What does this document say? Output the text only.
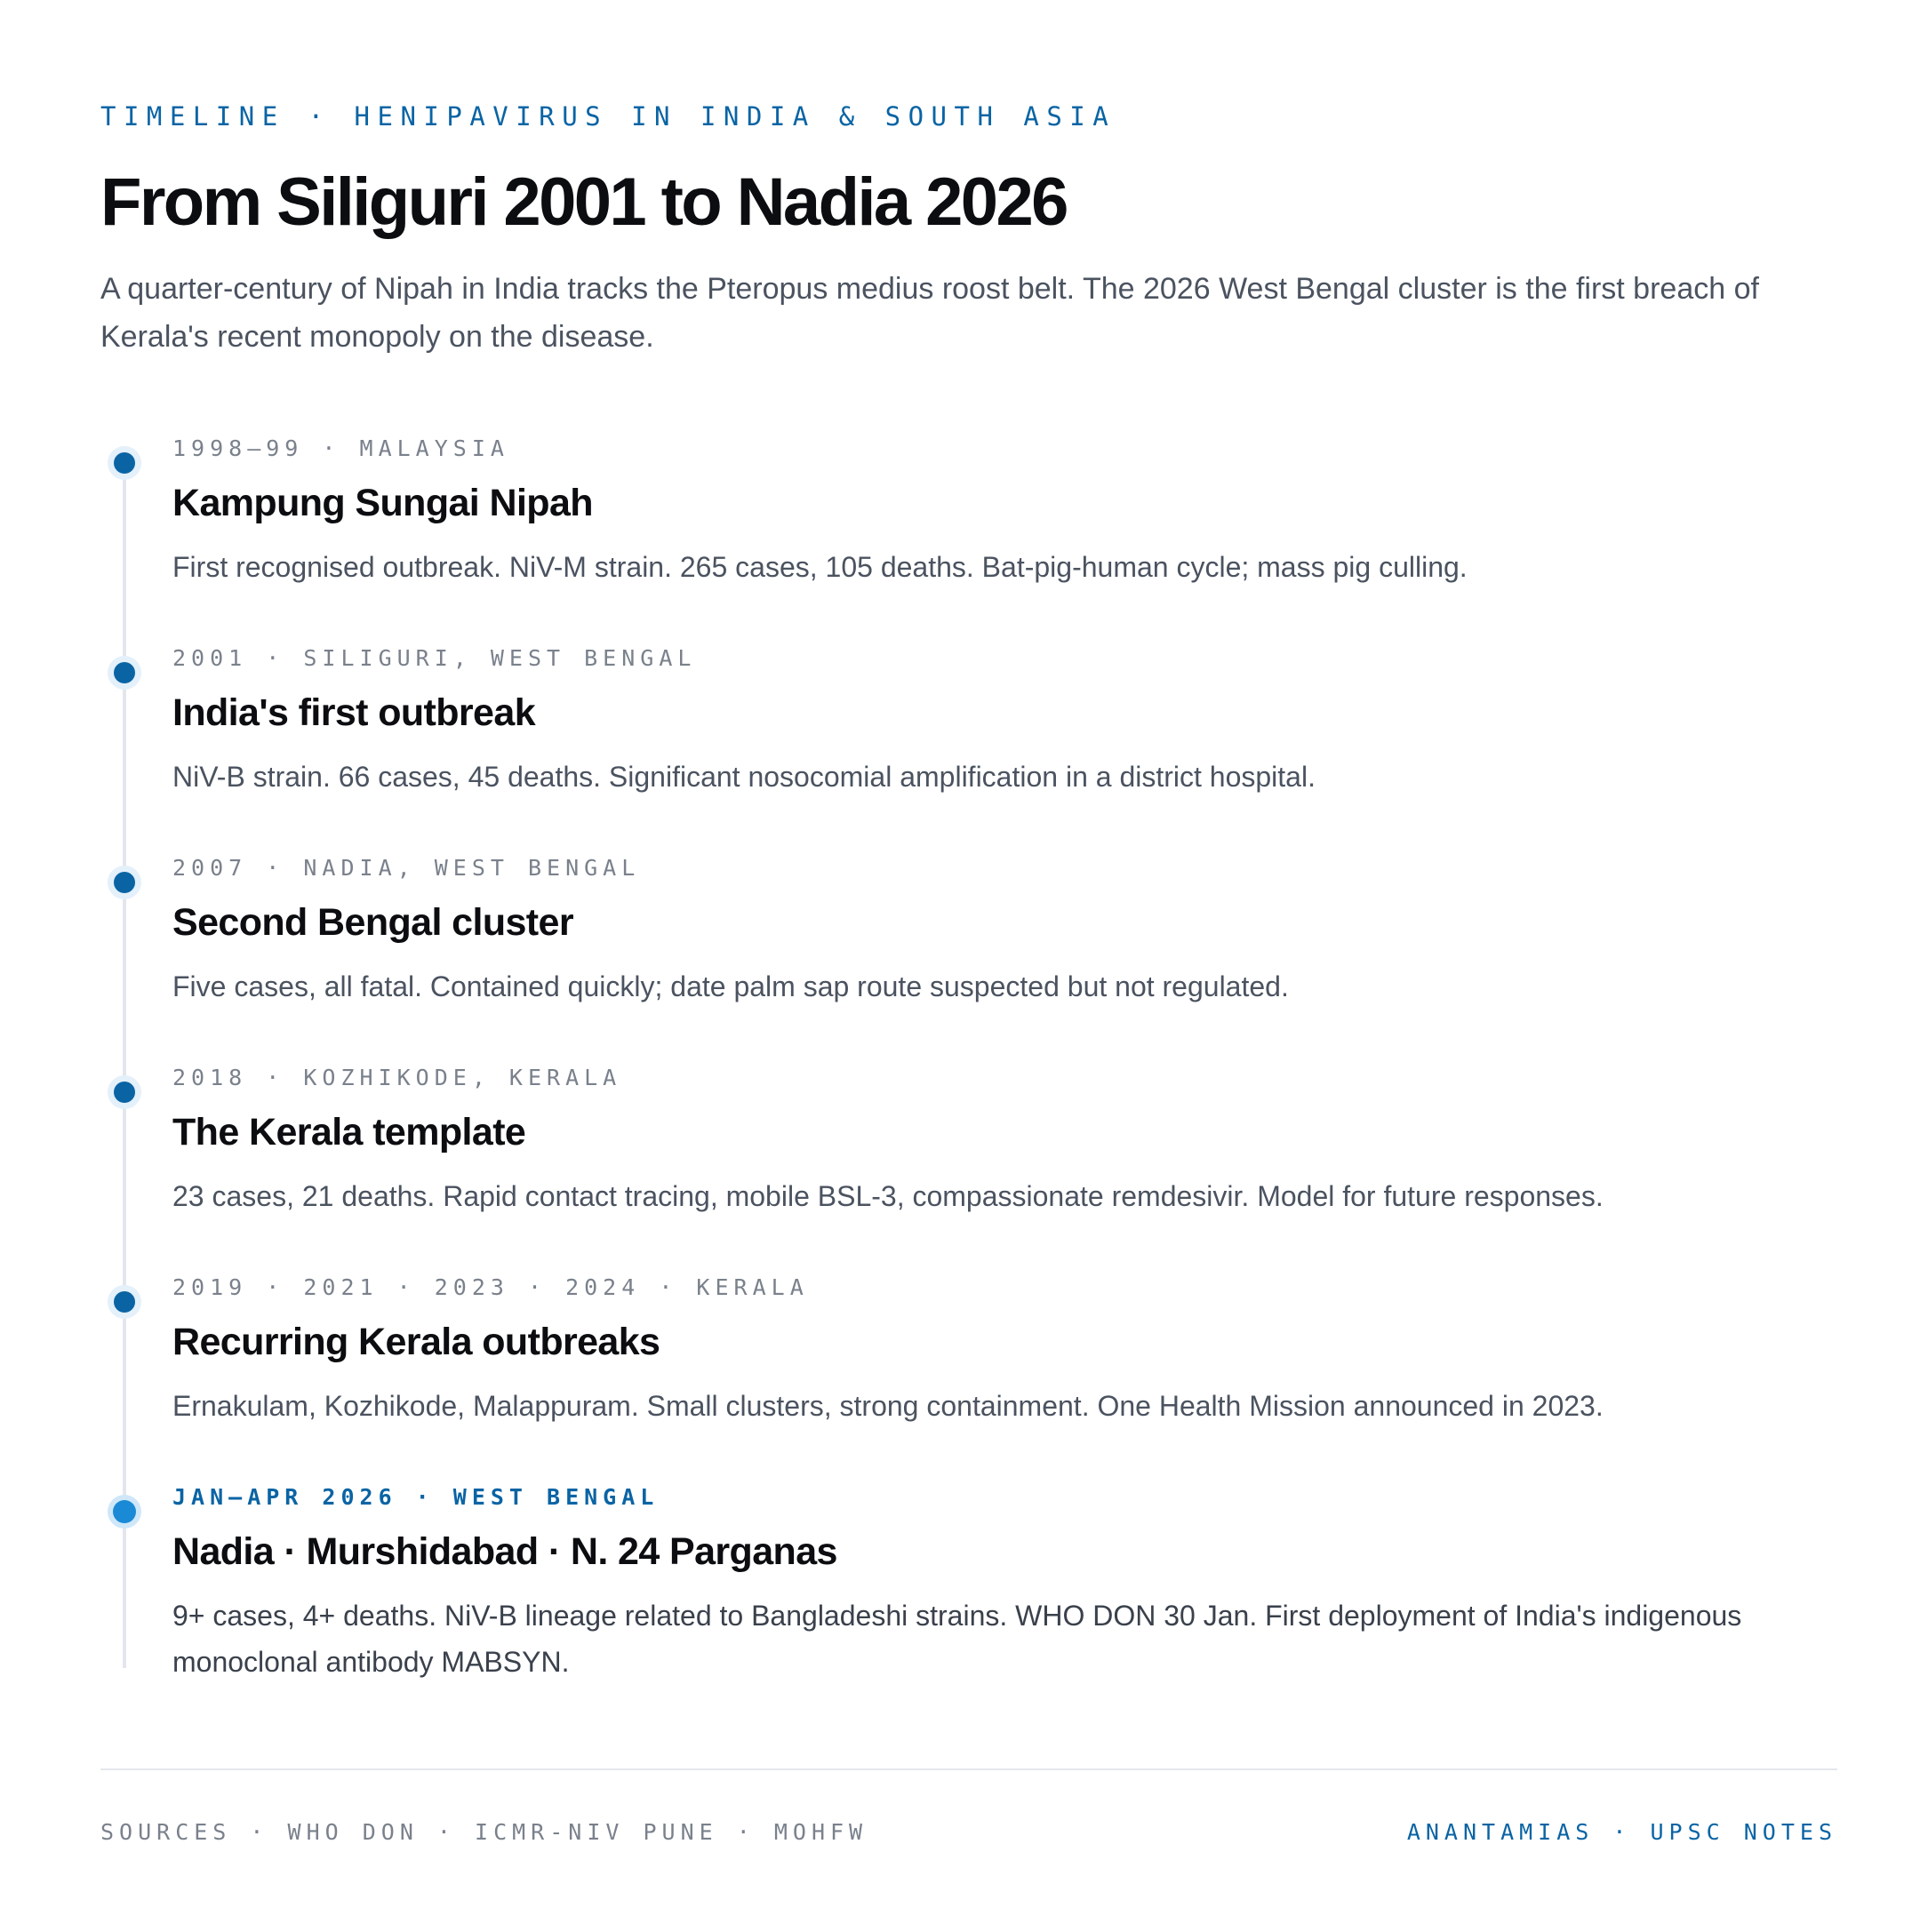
TIMELINE · HENIPAVIRUS IN INDIA & SOUTH ASIA
From Siliguri 2001 to Nadia 2026

A quarter-century of Nipah in India tracks the Pteropus medius roost belt. The 2026 West Bengal cluster is the first breach of Kerala's recent monopoly on the disease.

1998–99 · MALAYSIA
Kampung Sungai Nipah

First recognised outbreak. NiV-M strain. 265 cases, 105 deaths. Bat-pig-human cycle; mass pig culling.

2001 · SILIGURI, WEST BENGAL
India's first outbreak

NiV-B strain. 66 cases, 45 deaths. Significant nosocomial amplification in a district hospital.

2007 · NADIA, WEST BENGAL
Second Bengal cluster

Five cases, all fatal. Contained quickly; date palm sap route suspected but not regulated.

2018 · KOZHIKODE, KERALA
The Kerala template

23 cases, 21 deaths. Rapid contact tracing, mobile BSL-3, compassionate remdesivir. Model for future responses.

2019 · 2021 · 2023 · 2024 · KERALA
Recurring Kerala outbreaks

Ernakulam, Kozhikode, Malappuram. Small clusters, strong containment. One Health Mission announced in 2023.

JAN–APR 2026 · WEST BENGAL
Nadia · Murshidabad · N. 24 Parganas

9+ cases, 4+ deaths. NiV-B lineage related to Bangladeshi strains. WHO DON 30 Jan. First deployment of India's indigenous monoclonal antibody MABSYN.

SOURCES · WHO DON · ICMR-NIV PUNE · MOHFW	ANANTAMIAS · UPSC NOTES
